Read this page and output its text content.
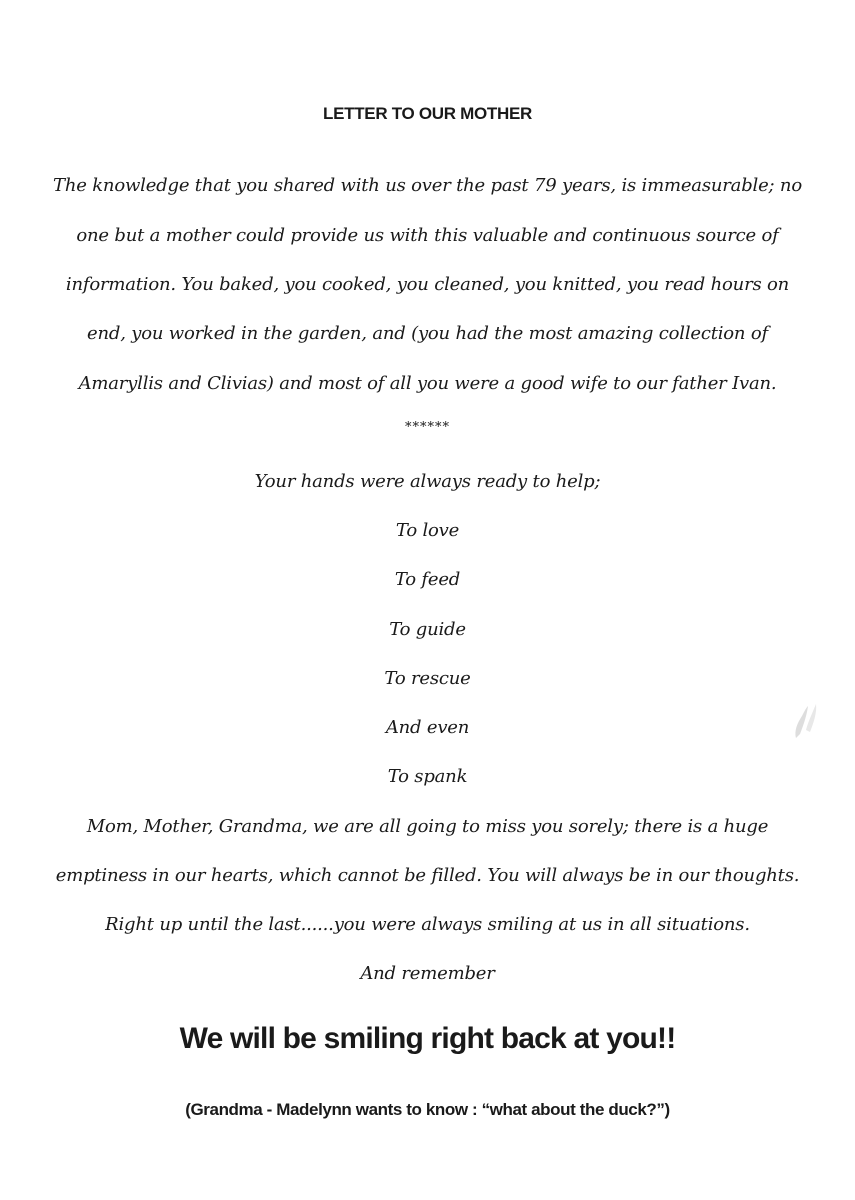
LETTER TO OUR MOTHER
The knowledge that you shared with us over the past 79 years, is immeasurable; no
one but a mother could provide us with this valuable and continuous source of
information. You baked, you cooked, you cleaned, you knitted, you read hours on
end, you worked in the garden, and (you had the most amazing collection of
Amaryllis and Clivias) and most of all you were a good wife to our father Ivan.
******
Your hands were always ready to help;
To love
To feed
To guide
To rescue
And even
To spank
Mom, Mother, Grandma, we are all going to miss you sorely; there is a huge
emptiness in our hearts, which cannot be filled. You will always be in our thoughts.
Right up until the last......you were always smiling at us in all situations.
And remember
We will be smiling right back at you!!
(Grandma - Madelynn wants to know : “what about the duck?”)
